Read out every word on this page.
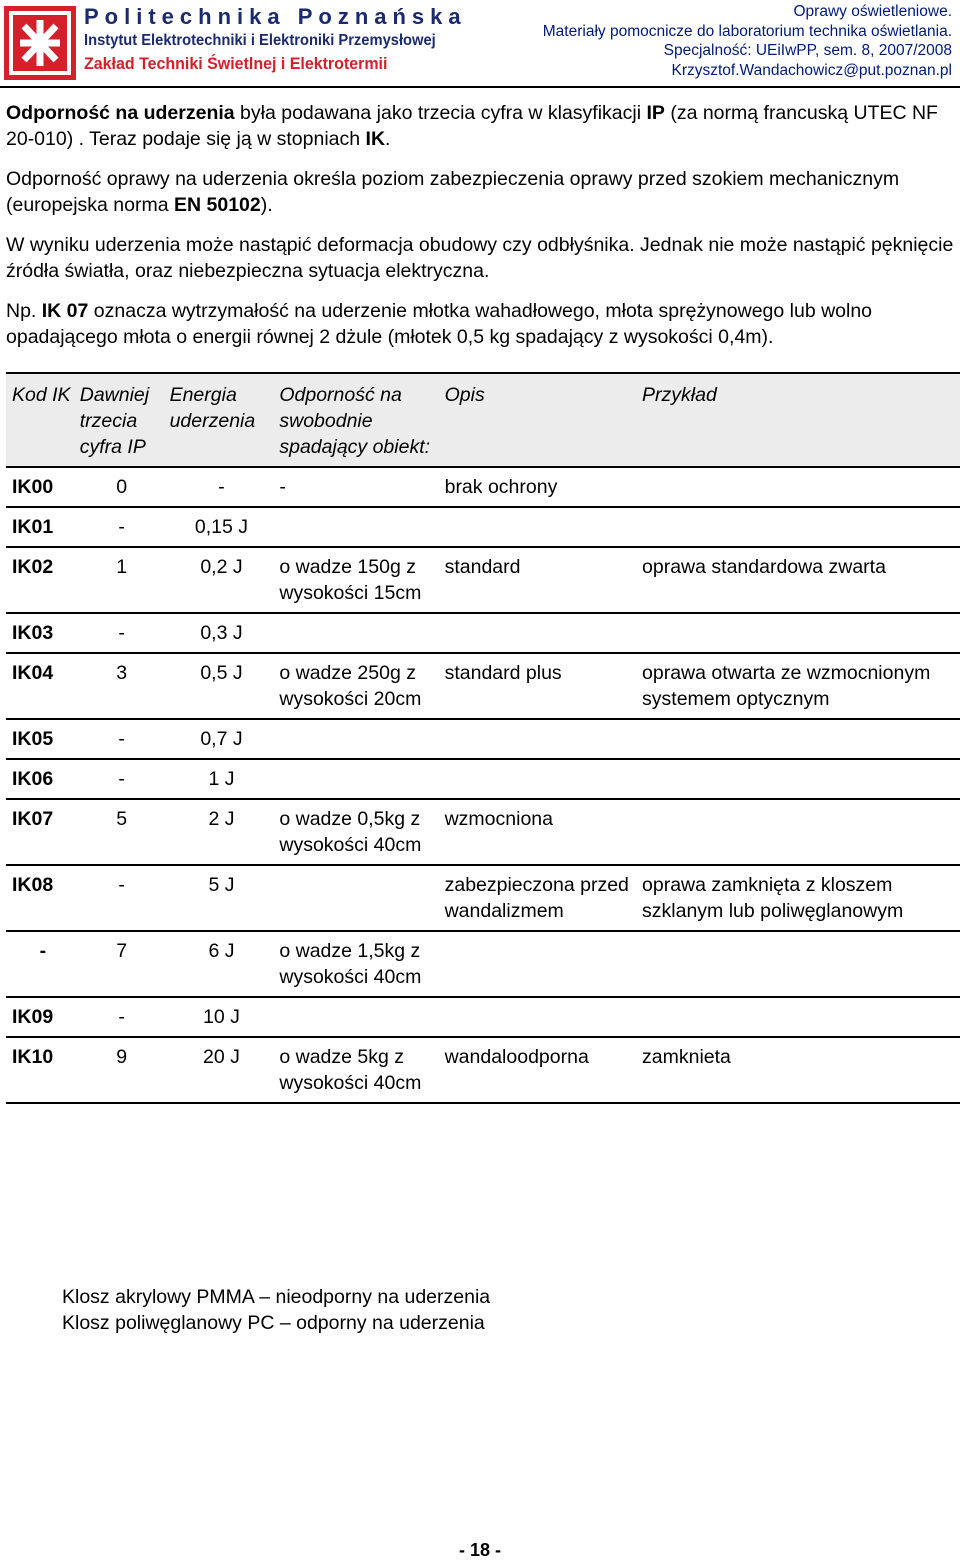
Politechnika Poznańska
Instytut Elektrotechniki i Elektroniki Przemysłowej
Zakład Techniki Świetlnej i Elektrotermii
Oprawy oświetleniowe.
Materiały pomocnicze do laboratorium technika oświetlania.
Specjalność: UEiIwPP, sem. 8, 2007/2008
Krzysztof.Wandachowicz@put.poznan.pl

Odporność na uderzenia była podawana jako trzecia cyfra w klasyfikacji IP (za normą francuską UTEC NF 20-010) . Teraz podaje się ją w stopniach IK.

Odporność oprawy na uderzenia określa poziom zabezpieczenia oprawy przed szokiem mechanicznym (europejska norma EN 50102).

W wyniku uderzenia może nastąpić deformacja obudowy czy odbłyśnika. Jednak nie może nastąpić pęknięcie źródła światła, oraz niebezpieczna sytuacja elektryczna.

Np. IK 07 oznacza wytrzymałość na uderzenie młotka wahadłowego, młota sprężynowego lub wolno opadającego młota o energii równej 2 dżule (młotek 0,5 kg spadający z wysokości 0,4m).

Kod IK	Dawniej trzecia cyfra IP	Energia uderzenia	Odporność na swobodnie spadający obiekt:	Opis	Przykład
IK00	0	-	-	brak ochrony	
IK01	-	0,15 J			
IK02	1	0,2 J	o wadze 150g z wysokości 15cm	standard	oprawa standardowa zwarta
IK03	-	0,3 J			
IK04	3	0,5 J	o wadze 250g z wysokości 20cm	standard plus	oprawa otwarta ze wzmocnionym systemem optycznym
IK05	-	0,7 J			
IK06	-	1 J			
IK07	5	2 J	o wadze 0,5kg z wysokości 40cm	wzmocniona	
IK08	-	5 J		zabezpieczona przed wandalizmem	oprawa zamknięta z kloszem szklanym lub poliwęglanowym
-	7	6 J	o wadze 1,5kg z wysokości 40cm		
IK09	-	10 J			
IK10	9	20 J	o wadze 5kg z wysokości 40cm	wandaloodporna	zamknieta
Klosz akrylowy PMMA – nieodporny na uderzenia
Klosz poliwęglanowy PC – odporny na uderzenia
- 18 -
